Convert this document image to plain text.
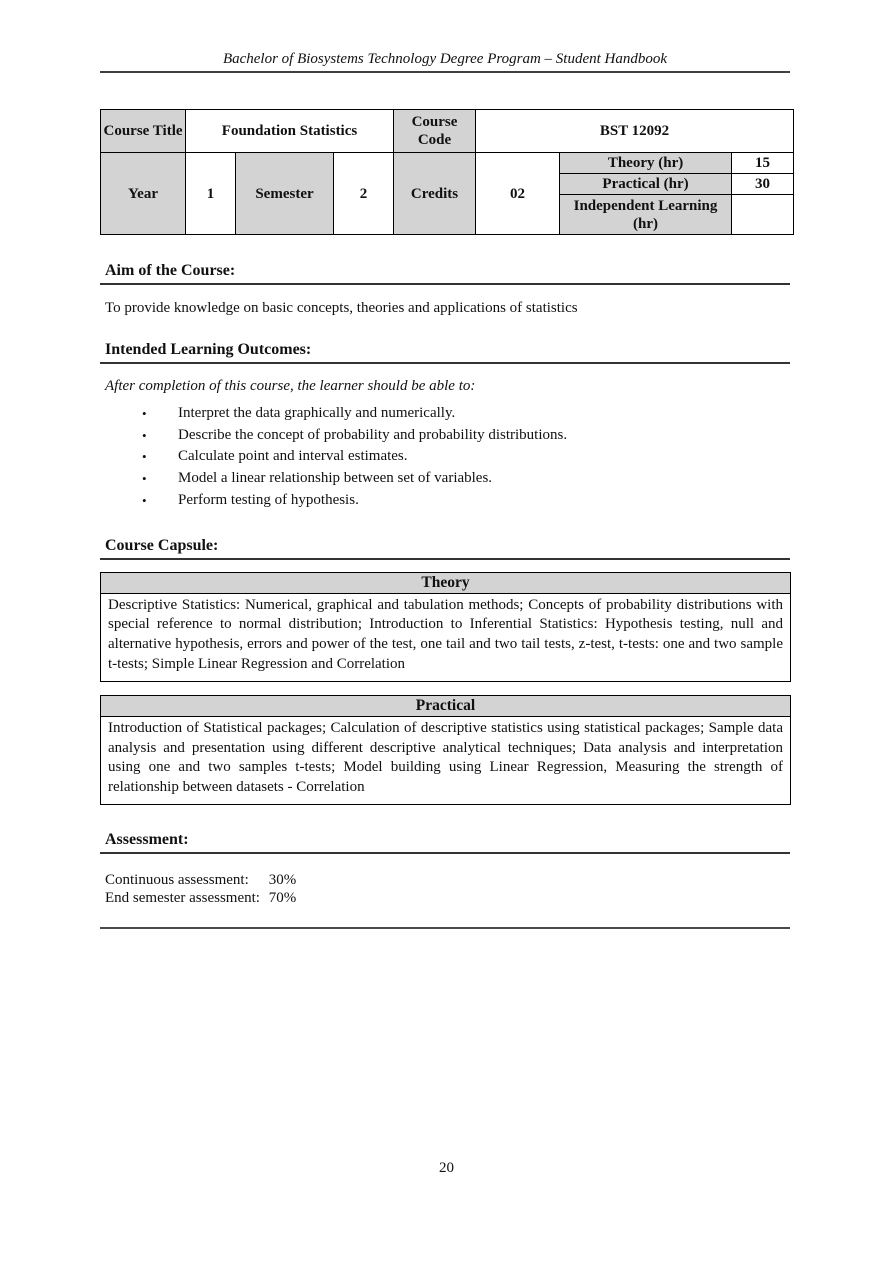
Bachelor of Biosystems Technology Degree Program – Student Handbook
Course Title	Foundation Statistics			Course Code	BST 12092		
Year	1	Semester	2	Credits	02	Theory (hr)	15
						Practical (hr)	30
						Independent Learning (hr)	
Aim of the Course:
To provide knowledge on basic concepts, theories and applications of statistics
Intended Learning Outcomes:
After completion of this course, the learner should be able to:
•	Interpret the data graphically and numerically.
•	Describe the concept of probability and probability distributions.
•	Calculate point and interval estimates.
•	Model a linear relationship between set of variables.
•	Perform testing of hypothesis.
Course Capsule:
Theory
Descriptive Statistics: Numerical, graphical and tabulation methods; Concepts of probability distributions with special reference to normal distribution; Introduction to Inferential Statistics: Hypothesis testing, null and alternative hypothesis, errors and power of the test, one tail and two tail tests, z-test, t-tests: one and two sample t-tests; Simple Linear Regression and Correlation
Practical
Introduction of Statistical packages; Calculation of descriptive statistics using statistical packages; Sample data analysis and presentation using different descriptive analytical techniques; Data analysis and interpretation using one and two samples t-tests; Model building using Linear Regression, Measuring the strength of relationship between datasets - Correlation
Assessment:
Continuous assessment: 30%
End semester assessment: 70%
20
